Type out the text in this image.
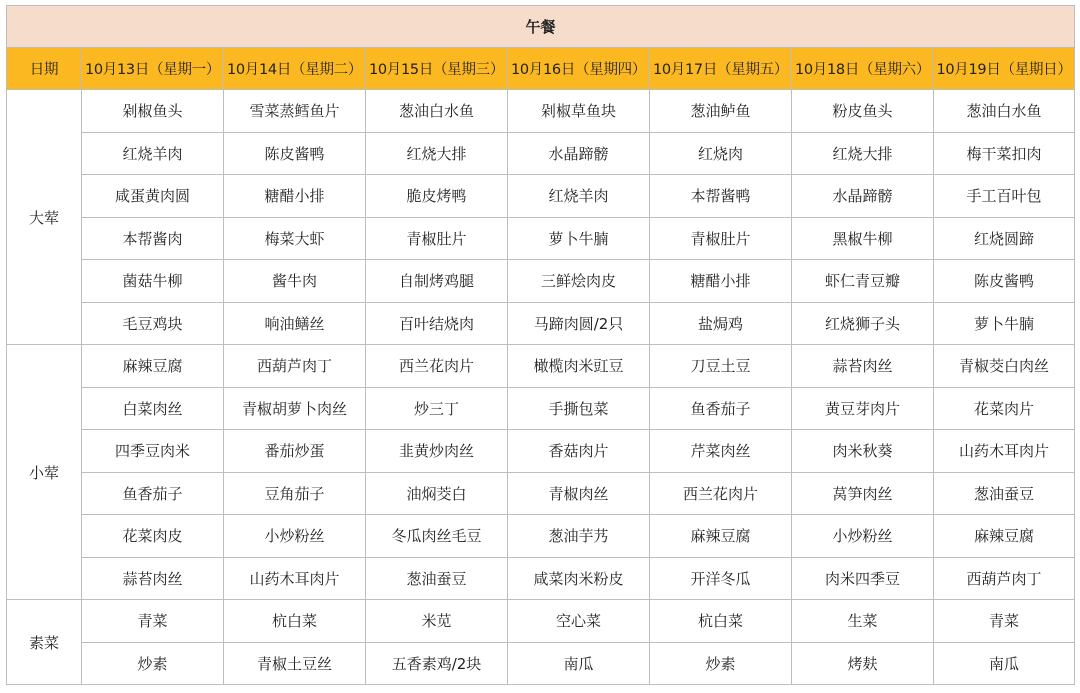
午餐							
日期	10月13日（星期一）	10月14日（星期二）	10月15日（星期三）	10月16日（星期四）	10月17日（星期五）	10月18日（星期六）	10月19日（星期日）
大荤	剁椒鱼头	雪菜蒸鳕鱼片	葱油白水鱼	剁椒草鱼块	葱油鲈鱼	粉皮鱼头	葱油白水鱼
	红烧羊肉	陈皮酱鸭	红烧大排	水晶蹄髈	红烧肉	红烧大排	梅干菜扣肉
	咸蛋黄肉圆	糖醋小排	脆皮烤鸭	红烧羊肉	本帮酱鸭	水晶蹄髈	手工百叶包
	本帮酱肉	梅菜大虾	青椒肚片	萝卜牛腩	青椒肚片	黑椒牛柳	红烧圆蹄
	菌菇牛柳	酱牛肉	自制烤鸡腿	三鲜烩肉皮	糖醋小排	虾仁青豆瓣	陈皮酱鸭
	毛豆鸡块	响油鳝丝	百叶结烧肉	马蹄肉圆/2只	盐焗鸡	红烧狮子头	萝卜牛腩
小荤	麻辣豆腐	西葫芦肉丁	西兰花肉片	橄榄肉米豇豆	刀豆土豆	蒜苔肉丝	青椒茭白肉丝
	白菜肉丝	青椒胡萝卜肉丝	炒三丁	手撕包菜	鱼香茄子	黄豆芽肉片	花菜肉片
	四季豆肉米	番茄炒蛋	韭黄炒肉丝	香菇肉片	芹菜肉丝	肉米秋葵	山药木耳肉片
	鱼香茄子	豆角茄子	油焖茭白	青椒肉丝	西兰花肉片	莴笋肉丝	葱油蚕豆
	花菜肉皮	小炒粉丝	冬瓜肉丝毛豆	葱油芋艿	麻辣豆腐	小炒粉丝	麻辣豆腐
	蒜苔肉丝	山药木耳肉片	葱油蚕豆	咸菜肉米粉皮	开洋冬瓜	肉米四季豆	西葫芦肉丁
素菜	青菜	杭白菜	米苋	空心菜	杭白菜	生菜	青菜
	炒素	青椒土豆丝	五香素鸡/2块	南瓜	炒素	烤麸	南瓜
